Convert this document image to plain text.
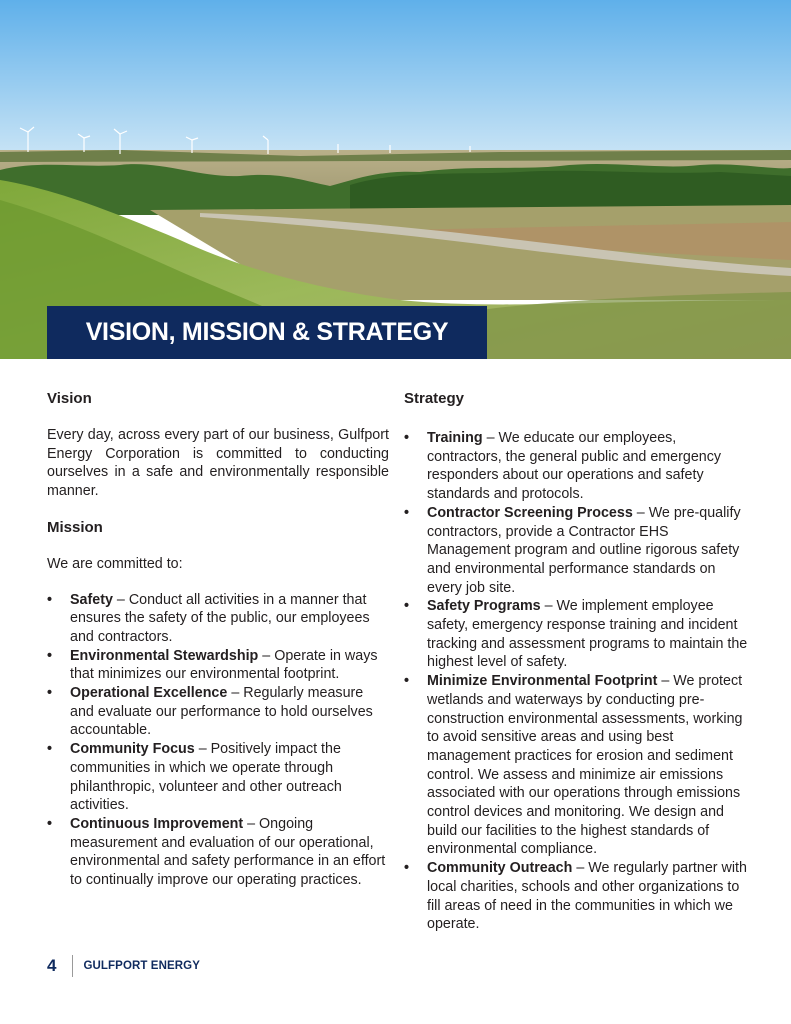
VISION, MISSION & STRATEGY
Vision

Every day, across every part of our business, Gulfport Energy Corporation is committed to conducting ourselves in a safe and environmentally responsible manner.

Mission

We are committed to:

•	Safety – Conduct all activities in a manner that ensures the safety of the public, our employees and contractors.
•	Environmental Stewardship – Operate in ways that minimizes our environmental footprint.
•	Operational Excellence – Regularly measure and evaluate our performance to hold ourselves accountable.
•	Community Focus – Positively impact the communities in which we operate through philanthropic, volunteer and other outreach activities.
•	Continuous Improvement – Ongoing measurement and evaluation of our operational, environmental and safety performance in an effort to continually improve our operating practices.
Strategy
•	Training – We educate our employees, contractors, the general public and emergency responders about our operations and safety standards and protocols.
•	Contractor Screening Process – We pre-qualify contractors, provide a Contractor EHS Management program and outline rigorous safety and environmental performance standards on every job site.
•	Safety Programs – We implement employee safety, emergency response training and incident tracking and assessment programs to maintain the highest level of safety.
•	Minimize Environmental Footprint – We protect wetlands and waterways by conducting pre-construction environmental assessments, working to avoid sensitive areas and using best management practices for erosion and sediment control. We assess and minimize air emissions associated with our operations through emissions control devices and monitoring. We design and build our facilities to the highest standards of environmental compliance.
•	Community Outreach – We regularly partner with local charities, schools and other organizations to fill areas of need in the communities in which we operate.
4 GULFPORT ENERGY
